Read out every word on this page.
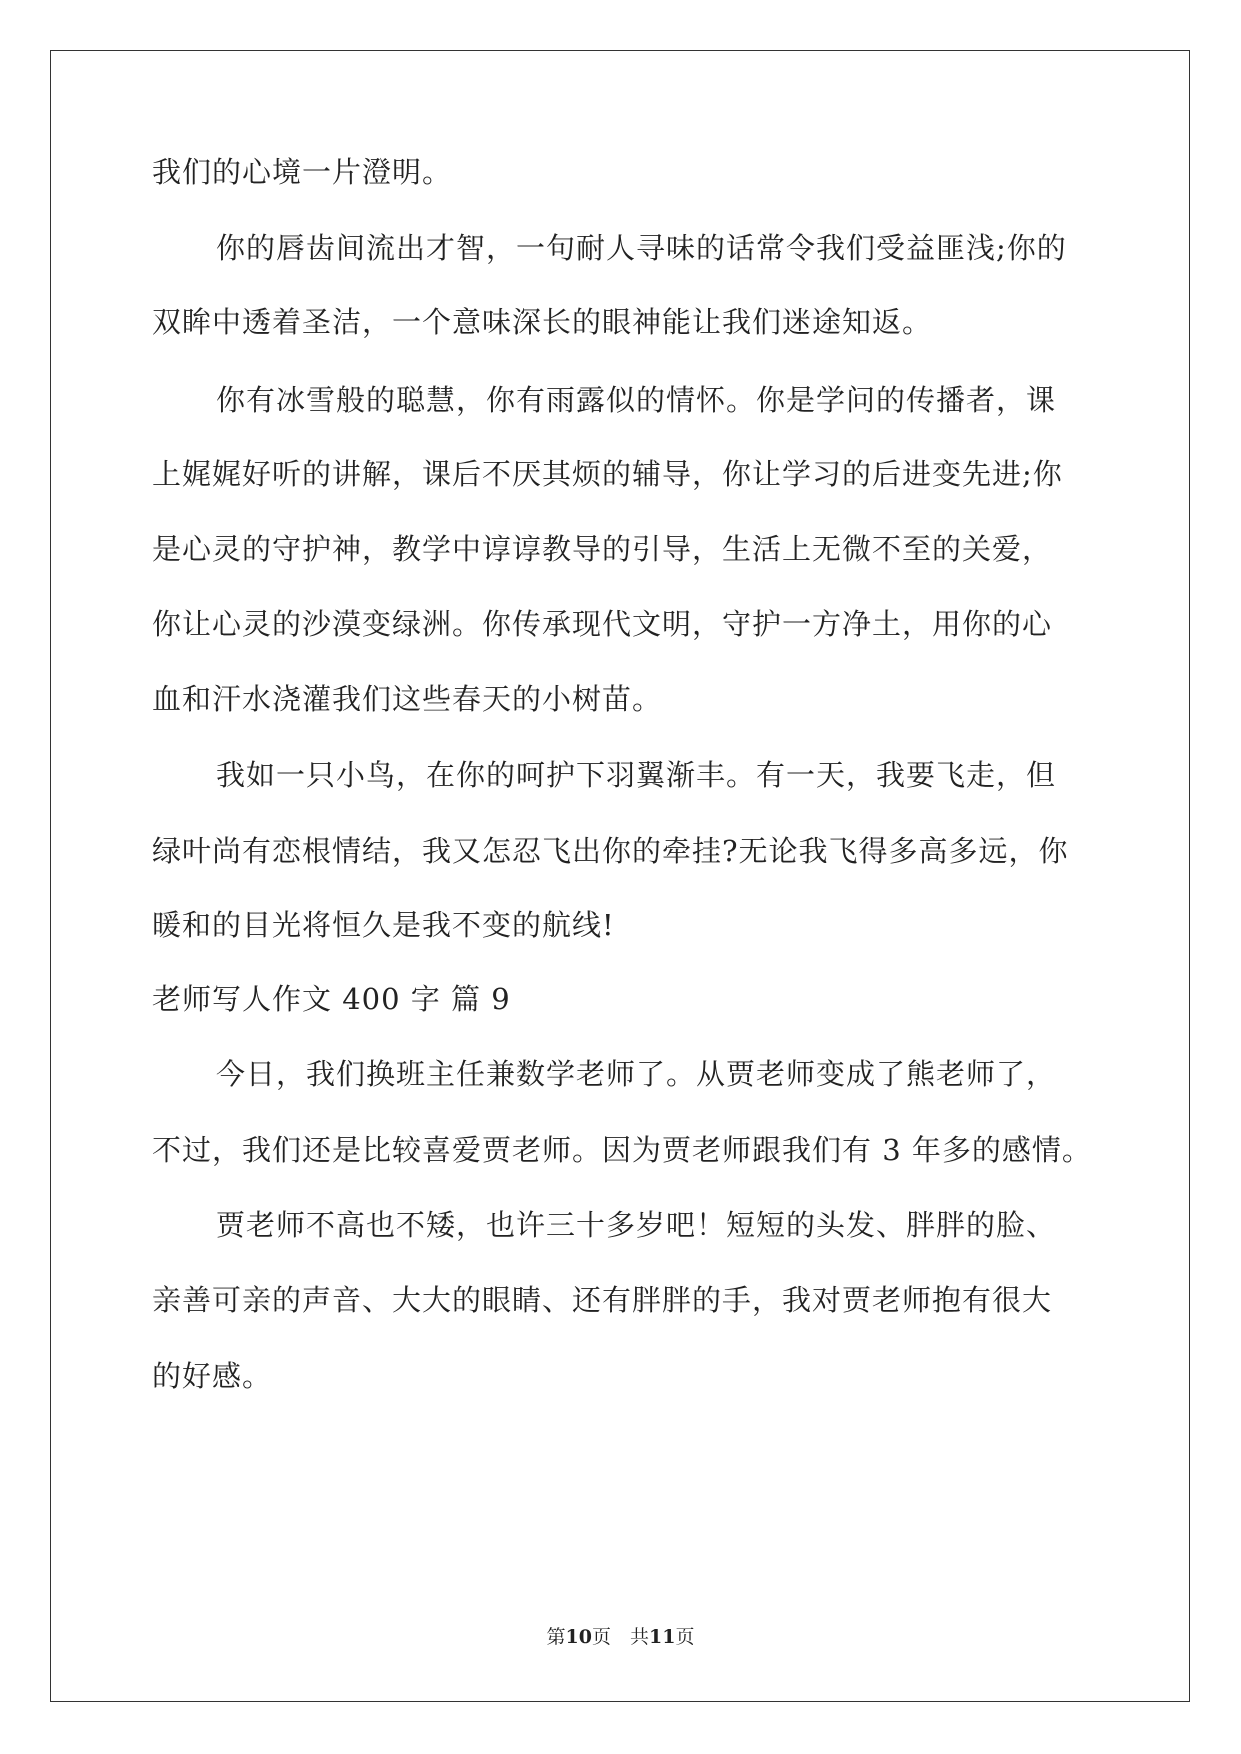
我们的心境一片澄明。
你的唇齿间流出才智，一句耐人寻味的话常令我们受益匪浅;你的
双眸中透着圣洁，一个意味深长的眼神能让我们迷途知返。
你有冰雪般的聪慧，你有雨露似的情怀。你是学问的传播者，课
上娓娓好听的讲解，课后不厌其烦的辅导，你让学习的后进变先进;你
是心灵的守护神，教学中谆谆教导的引导，生活上无微不至的关爱，
你让心灵的沙漠变绿洲。你传承现代文明，守护一方净土，用你的心
血和汗水浇灌我们这些春天的小树苗。
我如一只小鸟，在你的呵护下羽翼渐丰。有一天，我要飞走，但
绿叶尚有恋根情结，我又怎忍飞出你的牵挂?无论我飞得多高多远，你
暖和的目光将恒久是我不变的航线!
老师写人作文 400 字 篇 9
今日，我们换班主任兼数学老师了。从贾老师变成了熊老师了，
不过，我们还是比较喜爱贾老师。因为贾老师跟我们有 3 年多的感情。
贾老师不高也不矮，也许三十多岁吧！短短的头发、胖胖的脸、
亲善可亲的声音、大大的眼睛、还有胖胖的手，我对贾老师抱有很大
的好感。
第10页　共11页
